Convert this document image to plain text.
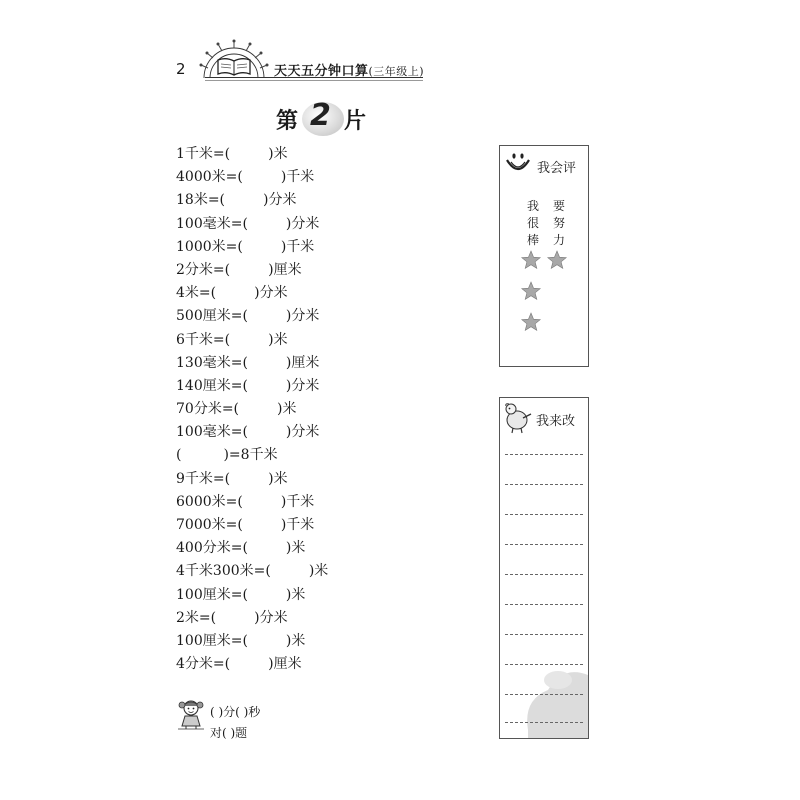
2	天天五分钟口算(三年级上)
第 2 片
1千米=(	)米
4000米=(	)千米
18米=(	)分米
100毫米=(	)分米
1000米=(	)千米
2分米=(	)厘米
4米=(	)分米
500厘米=(	)分米
6千米=(	)米
130毫米=(	)厘米
140厘米=(	)分米
70分米=(	)米
100毫米=(	)分米
(	)=8千米
9千米=(	)米
6000米=(	)千米
7000米=(	)千米
400分米=(	)米
4千米300米=(	)米
100厘米=(	)米
2米=(	)分米
100厘米=(	)米
4分米=(	)厘米
( )分( )秒
对( )题
我会评
我很棒
要努力
我来改
